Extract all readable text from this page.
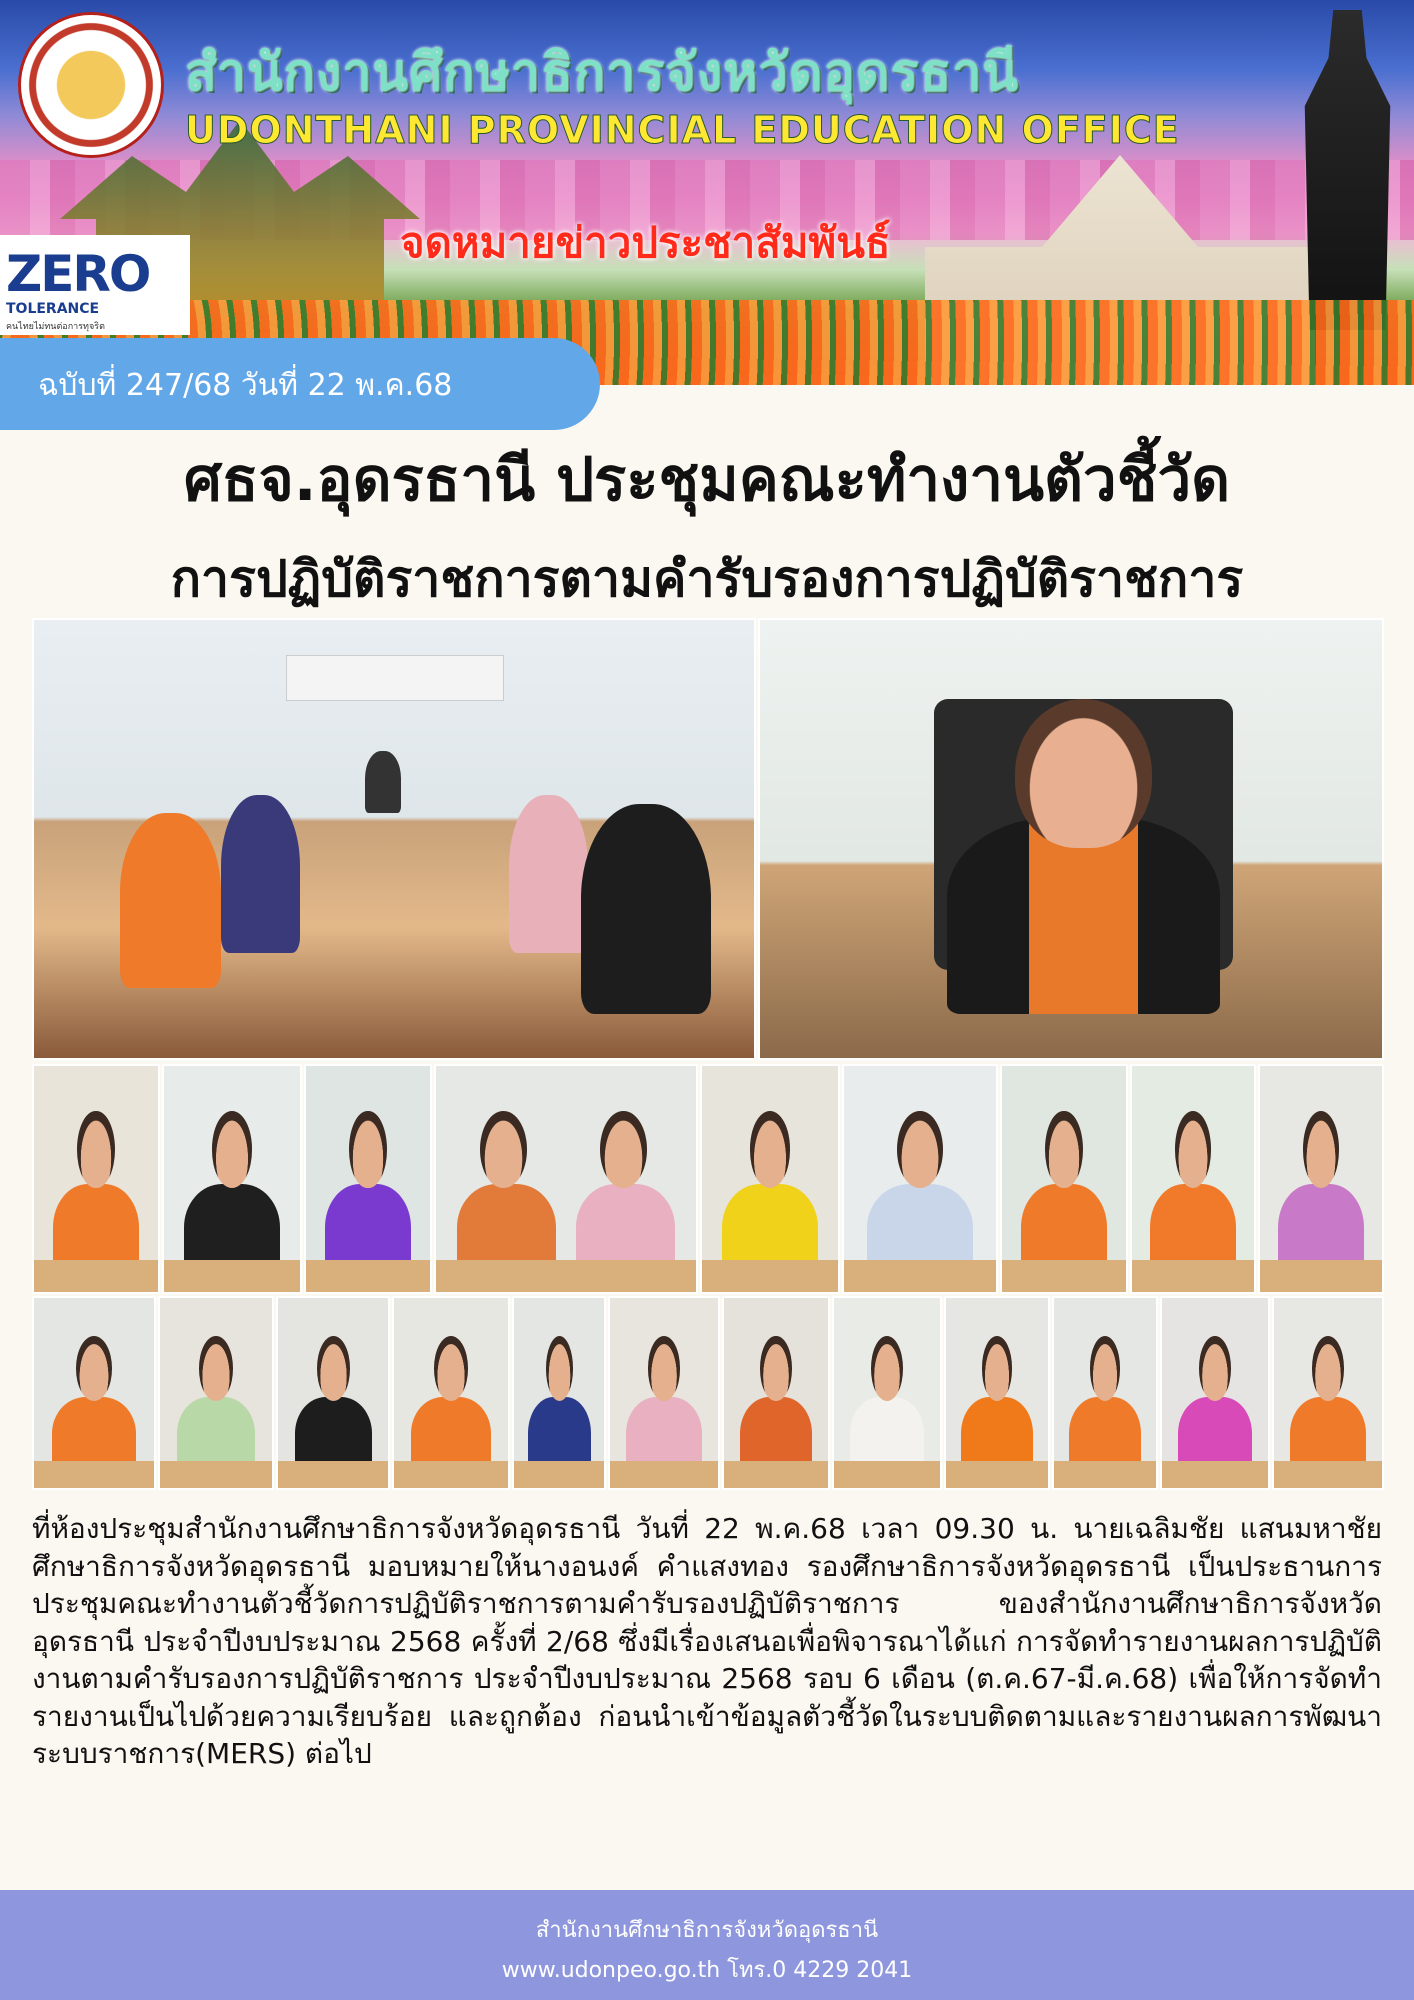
สำนักงานศึกษาธิการจังหวัดอุดรธานี
UDONTHANI PROVINCIAL EDUCATION OFFICE
จดหมายข่าวประชาสัมพันธ์
ZERO
TOLERANCE
คนไทยไม่ทนต่อการทุจริต
ฉบับที่ 247/68 วันที่ 22 พ.ค.68
ศธจ.อุดรธานี ประชุมคณะทำงานตัวชี้วัด
การปฏิบัติราชการตามคำรับรองการปฏิบัติราชการ
ที่ห้องประชุมสำนักงานศึกษาธิการจังหวัดอุดรธานี วันที่ 22 พ.ค.68 เวลา 09.30 น. นายเฉลิมชัย แสนมหาชัย ศึกษาธิการจังหวัดอุดรธานี มอบหมายให้นางอนงค์ คำแสงทอง รองศึกษาธิการจังหวัดอุดรธานี เป็นประธานการประชุมคณะทำงานตัวชี้วัดการปฏิบัติราชการตามคำรับรองปฏิบัติราชการ ของสำนักงานศึกษาธิการจังหวัดอุดรธานี ประจำปีงบประมาณ 2568 ครั้งที่ 2/68 ซึ่งมีเรื่องเสนอเพื่อพิจารณาได้แก่ การจัดทำรายงานผลการปฏิบัติงานตามคำรับรองการปฏิบัติราชการ ประจำปีงบประมาณ 2568 รอบ 6 เดือน (ต.ค.67-มี.ค.68) เพื่อให้การจัดทำรายงานเป็นไปด้วยความเรียบร้อย และถูกต้อง ก่อนนำเข้าข้อมูลตัวชี้วัดในระบบติดตามและรายงานผลการพัฒนาระบบราชการ(MERS) ต่อไป
สำนักงานศึกษาธิการจังหวัดอุดรธานี
www.udonpeo.go.th โทร.0 4229 2041
